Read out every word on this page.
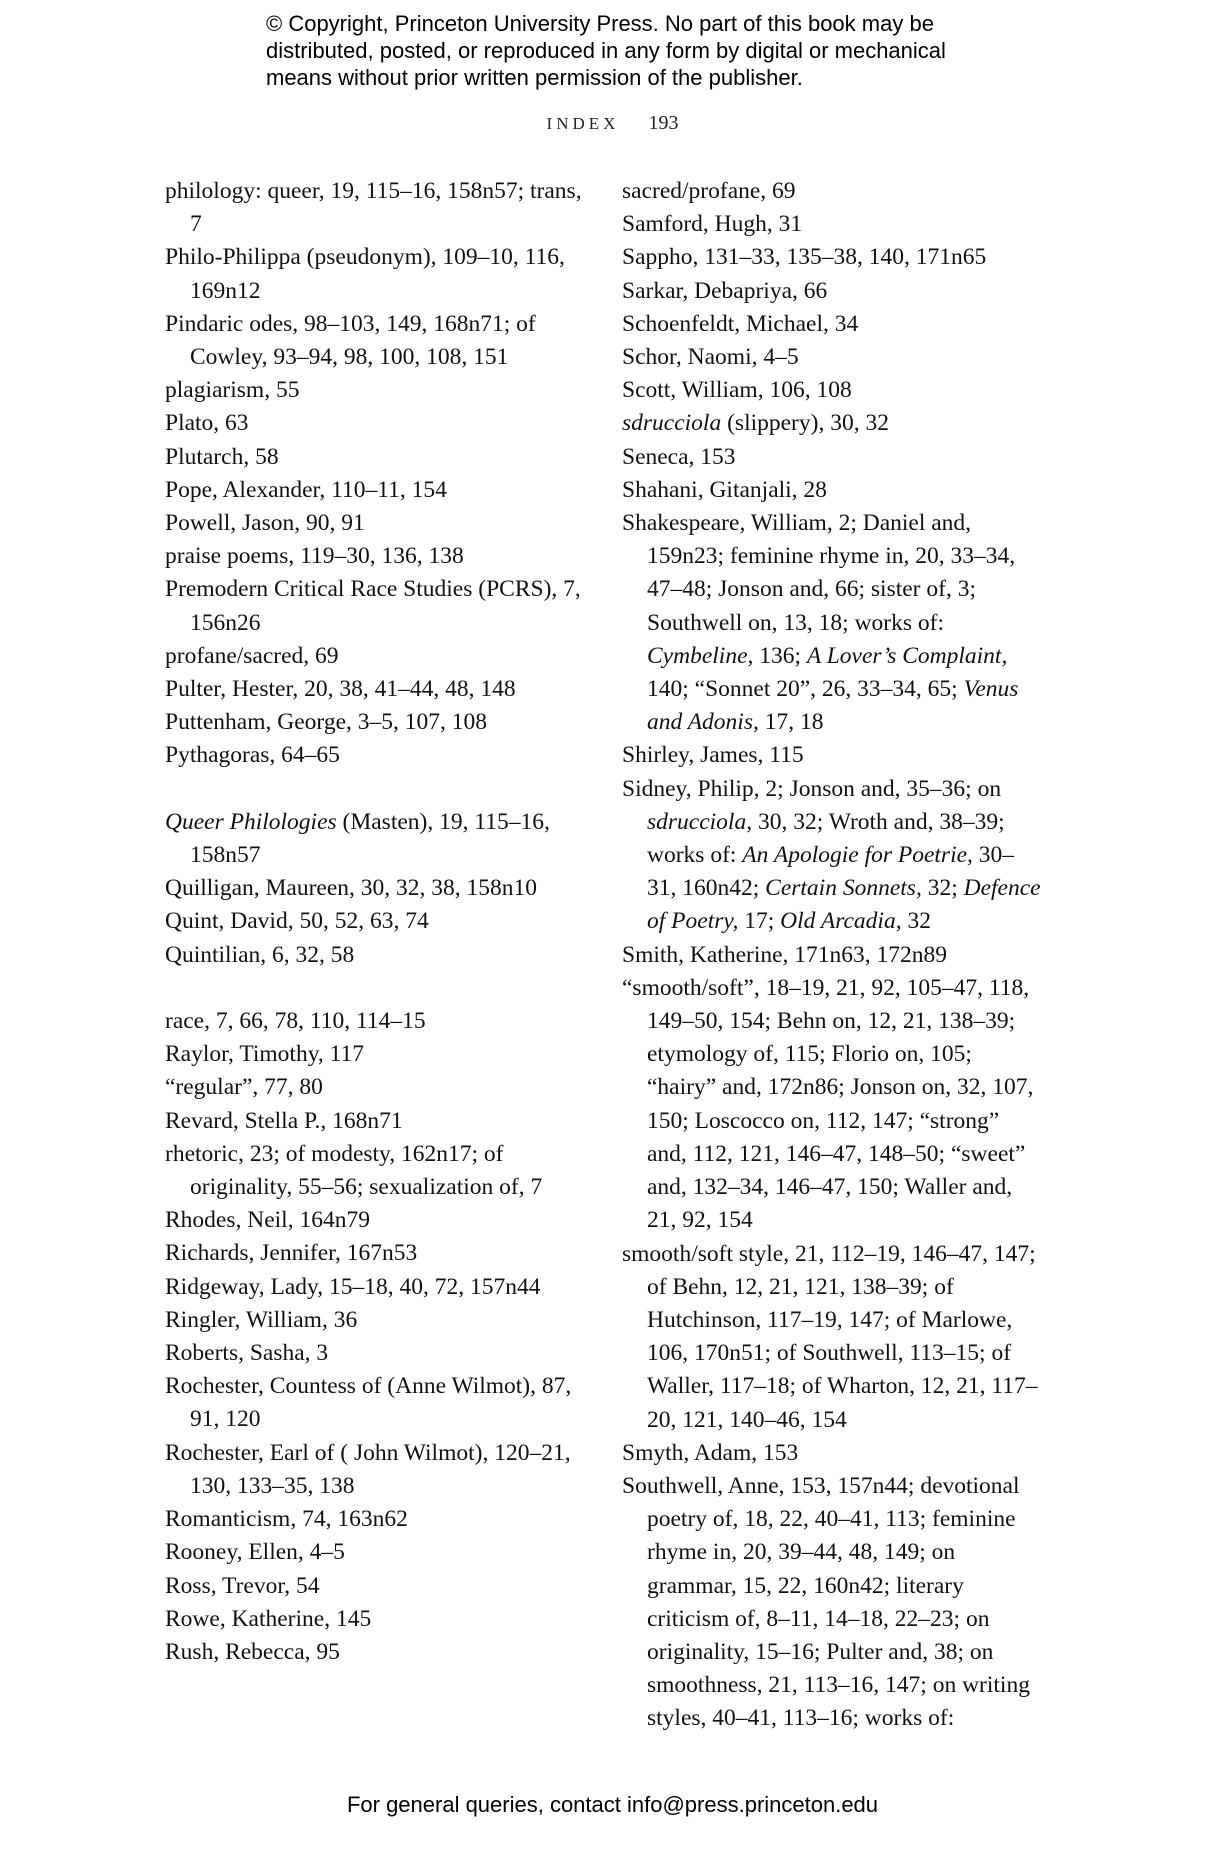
© Copyright, Princeton University Press. No part of this book may be
distributed, posted, or reproduced in any form by digital or mechanical
means without prior written permission of the publisher.
INDEX 193
philology: queer, 19, 115–16, 158n57; trans, 7
Philo-Philippa (pseudonym), 109–10, 116, 169n12
Pindaric odes, 98–103, 149, 168n71; of Cowley, 93–94, 98, 100, 108, 151
plagiarism, 55
Plato, 63
Plutarch, 58
Pope, Alexander, 110–11, 154
Powell, Jason, 90, 91
praise poems, 119–30, 136, 138
Premodern Critical Race Studies (PCRS), 7, 156n26
profane/sacred, 69
Pulter, Hester, 20, 38, 41–44, 48, 148
Puttenham, George, 3–5, 107, 108
Pythagoras, 64–65
Queer Philologies (Masten), 19, 115–16, 158n57
Quilligan, Maureen, 30, 32, 38, 158n10
Quint, David, 50, 52, 63, 74
Quintilian, 6, 32, 58
race, 7, 66, 78, 110, 114–15
Raylor, Timothy, 117
“regular”, 77, 80
Revard, Stella P., 168n71
rhetoric, 23; of modesty, 162n17; of originality, 55–56; sexualization of, 7
Rhodes, Neil, 164n79
Richards, Jennifer, 167n53
Ridgeway, Lady, 15–18, 40, 72, 157n44
Ringler, William, 36
Roberts, Sasha, 3
Rochester, Countess of (Anne Wilmot), 87, 91, 120
Rochester, Earl of ( John Wilmot), 120–21, 130, 133–35, 138
Romanticism, 74, 163n62
Rooney, Ellen, 4–5
Ross, Trevor, 54
Rowe, Katherine, 145
Rush, Rebecca, 95
sacred/profane, 69
Samford, Hugh, 31
Sappho, 131–33, 135–38, 140, 171n65
Sarkar, Debapriya, 66
Schoenfeldt, Michael, 34
Schor, Naomi, 4–5
Scott, William, 106, 108
sdrucciola (slippery), 30, 32
Seneca, 153
Shahani, Gitanjali, 28
Shakespeare, William, 2; Daniel and, 159n23; feminine rhyme in, 20, 33–34, 47–48; Jonson and, 66; sister of, 3; Southwell on, 13, 18; works of: Cymbeline, 136; A Lover’s Complaint, 140; “Sonnet 20”, 26, 33–34, 65; Venus and Adonis, 17, 18
Shirley, James, 115
Sidney, Philip, 2; Jonson and, 35–36; on sdrucciola, 30, 32; Wroth and, 38–39; works of: An Apologie for Poetrie, 30–31, 160n42; Certain Sonnets, 32; Defence of Poetry, 17; Old Arcadia, 32
Smith, Katherine, 171n63, 172n89
“smooth/soft”, 18–19, 21, 92, 105–47, 118, 149–50, 154; Behn on, 12, 21, 138–39; etymology of, 115; Florio on, 105; “hairy” and, 172n86; Jonson on, 32, 107, 150; Loscocco on, 112, 147; “strong” and, 112, 121, 146–47, 148–50; “sweet” and, 132–34, 146–47, 150; Waller and, 21, 92, 154
smooth/soft style, 21, 112–19, 146–47, 147; of Behn, 12, 21, 121, 138–39; of Hutchinson, 117–19, 147; of Marlowe, 106, 170n51; of Southwell, 113–15; of Waller, 117–18; of Wharton, 12, 21, 117–20, 121, 140–46, 154
Smyth, Adam, 153
Southwell, Anne, 153, 157n44; devotional poetry of, 18, 22, 40–41, 113; feminine rhyme in, 20, 39–44, 48, 149; on grammar, 15, 22, 160n42; literary criticism of, 8–11, 14–18, 22–23; on originality, 15–16; Pulter and, 38; on smoothness, 21, 113–16, 147; on writing styles, 40–41, 113–16; works of:
For general queries, contact info@press.princeton.edu
